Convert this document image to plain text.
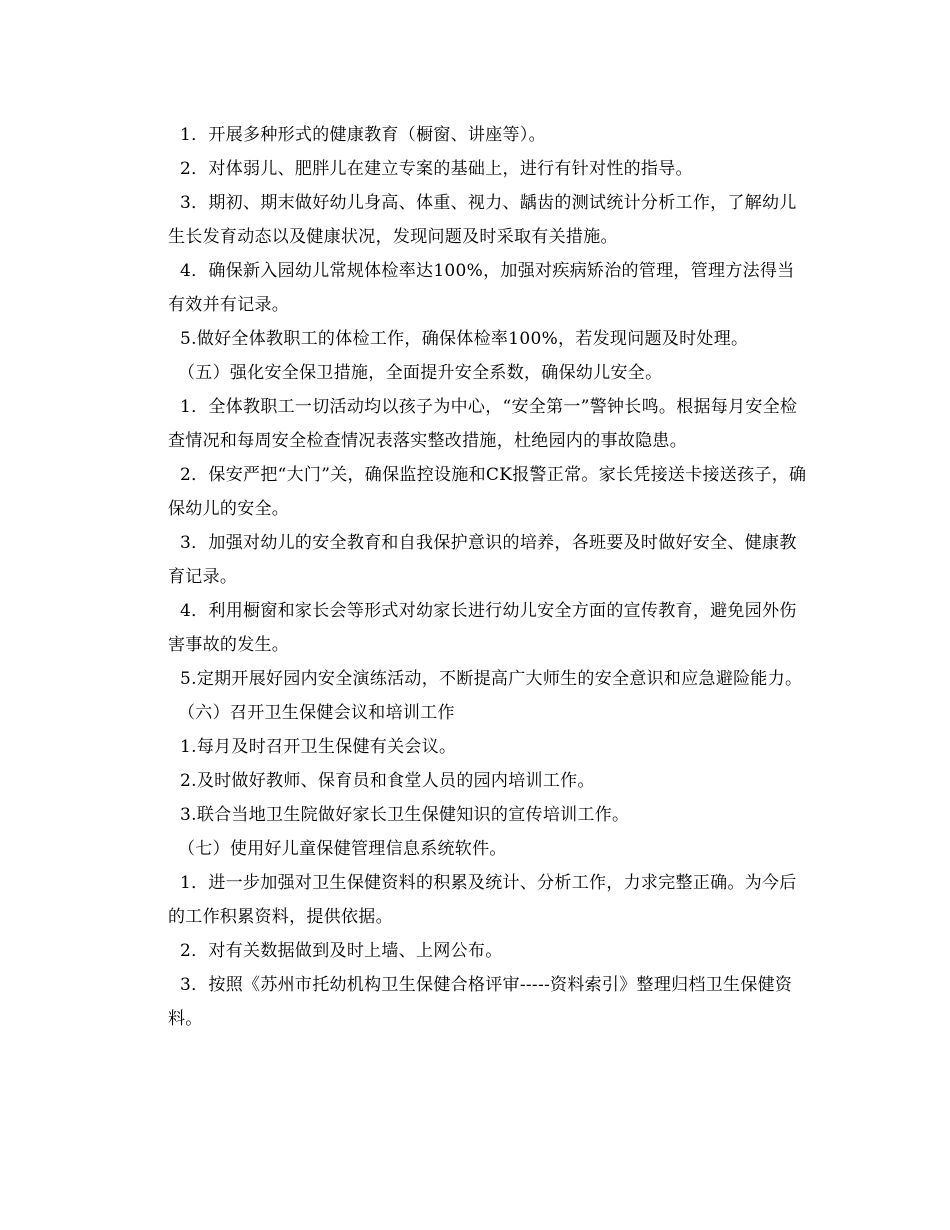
1．开展多种形式的健康教育（橱窗、讲座等）。

2．对体弱儿、肥胖儿在建立专案的基础上，进行有针对性的指导。

3．期初、期末做好幼儿身高、体重、视力、龋齿的测试统计分析工作，了解幼儿生长发育动态以及健康状况，发现问题及时采取有关措施。

4．确保新入园幼儿常规体检率达100%，加强对疾病矫治的管理，管理方法得当有效并有记录。

5.做好全体教职工的体检工作，确保体检率100%，若发现问题及时处理。

（五）强化安全保卫措施，全面提升安全系数，确保幼儿安全。

1．全体教职工一切活动均以孩子为中心，“安全第一”警钟长鸣。根据每月安全检查情况和每周安全检查情况表落实整改措施，杜绝园内的事故隐患。

2．保安严把“大门”关，确保监控设施和CK报警正常。家长凭接送卡接送孩子，确保幼儿的安全。

3．加强对幼儿的安全教育和自我保护意识的培养，各班要及时做好安全、健康教育记录。

4．利用橱窗和家长会等形式对幼家长进行幼儿安全方面的宣传教育，避免园外伤害事故的发生。

5.定期开展好园内安全演练活动，不断提高广大师生的安全意识和应急避险能力。

（六）召开卫生保健会议和培训工作

1.每月及时召开卫生保健有关会议。

2.及时做好教师、保育员和食堂人员的园内培训工作。

3.联合当地卫生院做好家长卫生保健知识的宣传培训工作。

（七）使用好儿童保健管理信息系统软件。

1．进一步加强对卫生保健资料的积累及统计、分析工作，力求完整正确。为今后的工作积累资料，提供依据。

2．对有关数据做到及时上墙、上网公布。

3．按照《苏州市托幼机构卫生保健合格评审-----资料索引》整理归档卫生保健资料。
